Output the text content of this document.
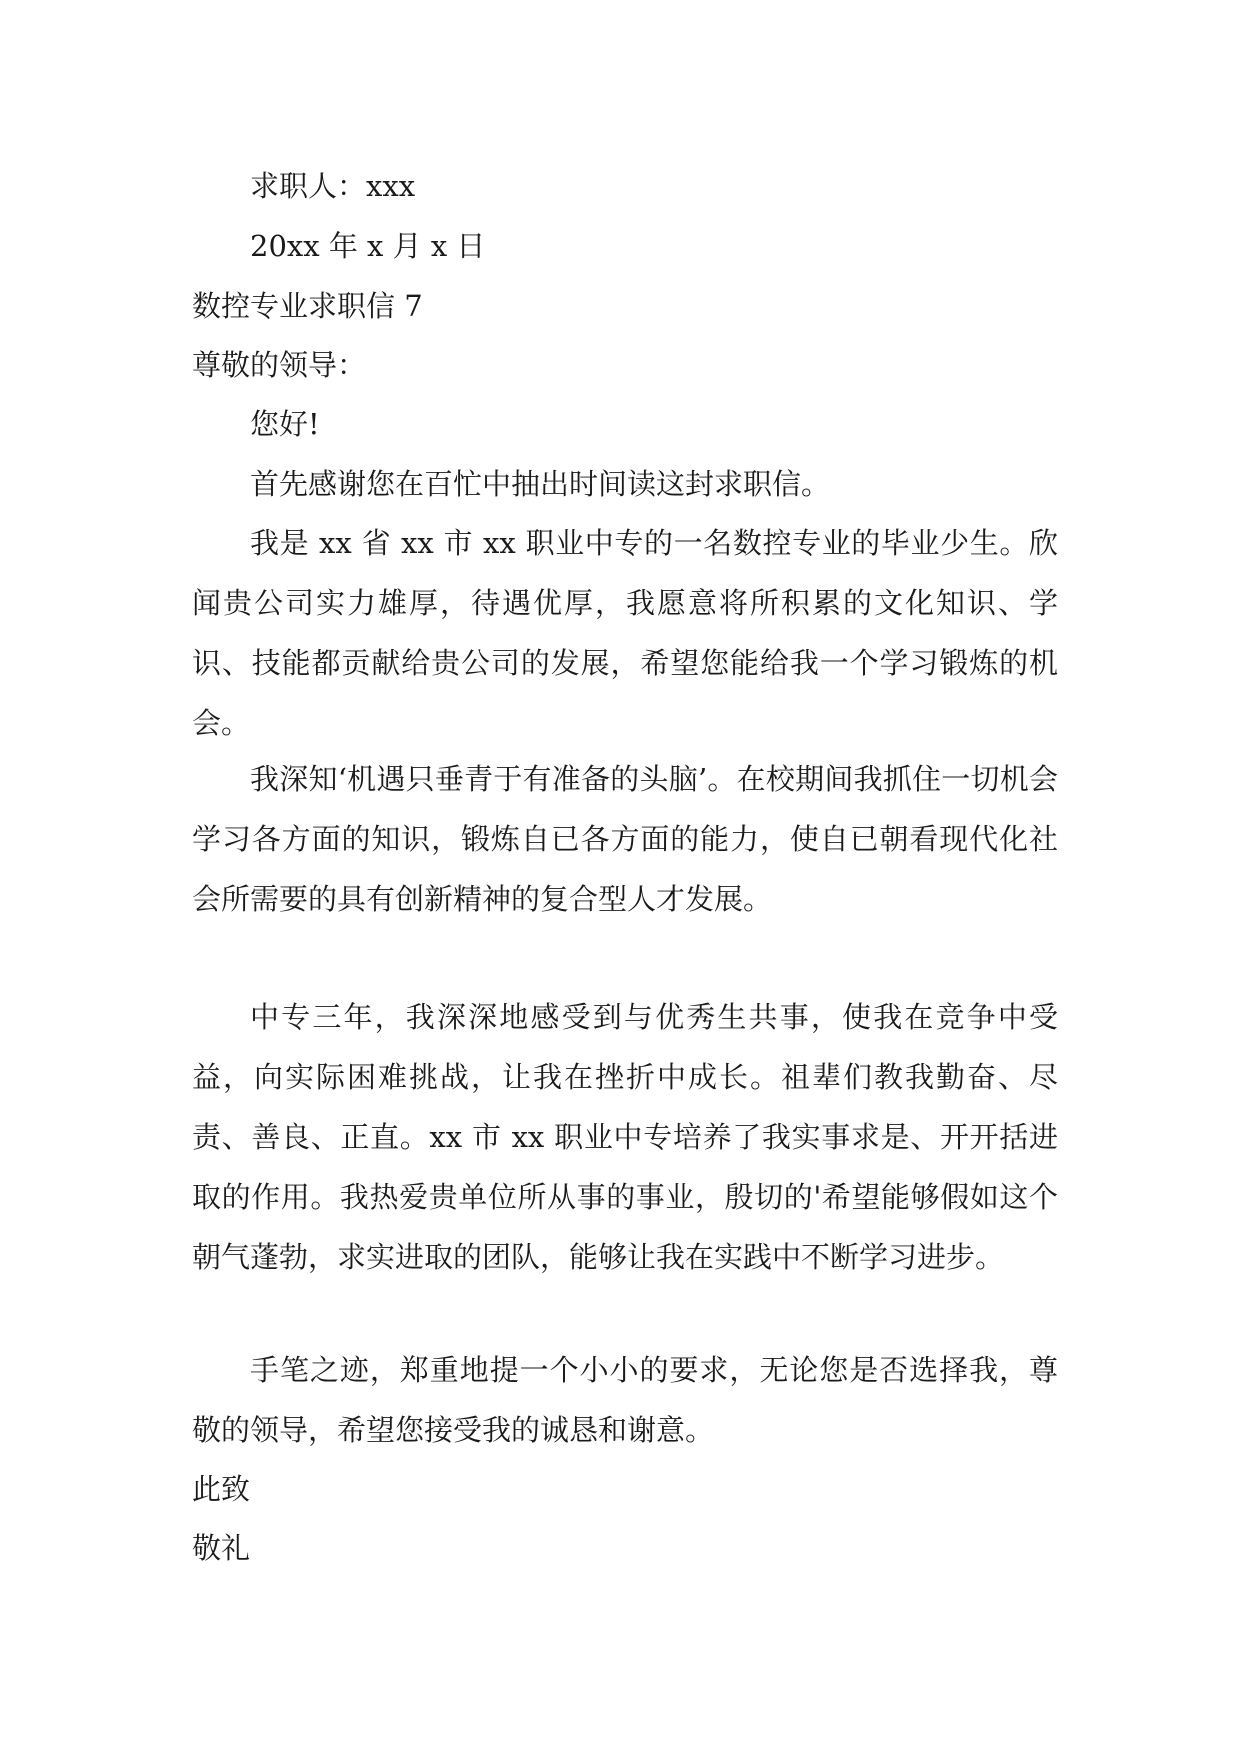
求职人：xxx

20xx 年 x 月 x 日

数控专业求职信 7

尊敬的领导：

您好!

首先感谢您在百忙中抽出时间读这封求职信。

我是 xx 省 xx 市 xx 职业中专的一名数控专业的毕业少生。欣闻贵公司实力雄厚，待遇优厚，我愿意将所积累的文化知识、学识、技能都贡献给贵公司的发展，希望您能给我一个学习锻炼的机会。

我深知‘机遇只垂青于有准备的头脑’。在校期间我抓住一切机会学习各方面的知识，锻炼自已各方面的能力，使自已朝看现代化社会所需要的具有创新精神的复合型人才发展。

中专三年，我深深地感受到与优秀生共事，使我在竞争中受益，向实际困难挑战，让我在挫折中成长。祖辈们教我勤奋、尽责、善良、正直。xx 市 xx 职业中专培养了我实事求是、开开括进取的作用。我热爱贵单位所从事的事业，殷切的'希望能够假如这个朝气蓬勃，求实进取的团队，能够让我在实践中不断学习进步。

手笔之迹，郑重地提一个小小的要求，无论您是否选择我，尊敬的领导，希望您接受我的诚恳和谢意。

此致

敬礼
